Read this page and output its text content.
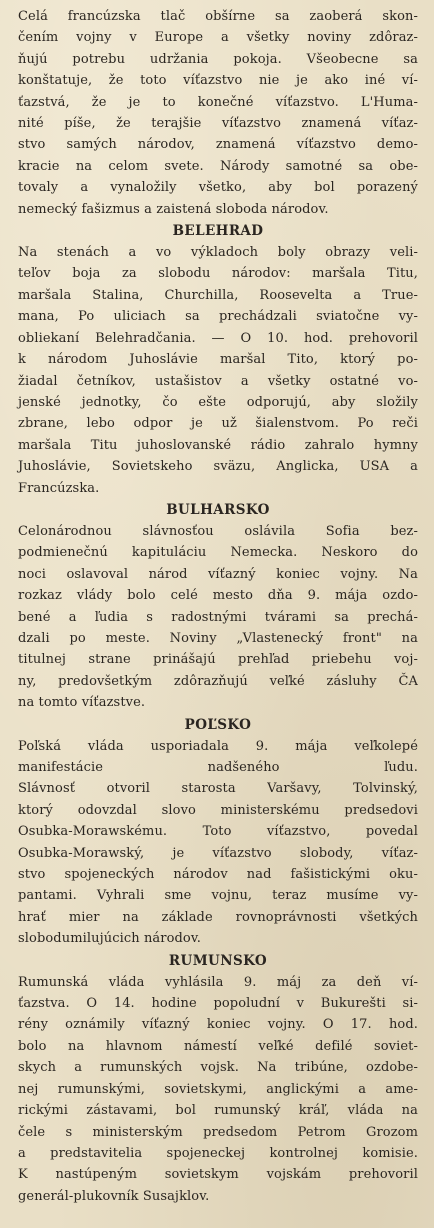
Celá francúzska tlač obšírne sa zaoberá skon-
čením vojny v Europe a všetky noviny zdôraz-
ňujú potrebu udržania pokoja. Všeobecne sa
konštatuje, že toto víťazstvo nie je ako iné ví-
ťazstvá, že je to konečné víťazstvo. L'Huma-
nité píše, že terajšie víťazstvo znamená víťaz-
stvo samých národov, znamená víťazstvo demo-
kracie na celom svete. Národy samotné sa obe-
tovaly a vynaložily všetko, aby bol porazený
nemecký fašizmus a zaistená sloboda národov.
BELEHRAD
Na stenách a vo výkladoch boly obrazy veli-
teľov boja za slobodu národov: maršala Titu,
maršala Stalina, Churchilla, Roosevelta a True-
mana, Po uliciach sa prechádzali sviatočne vy-
obliekaní Belehradčania. — O 10. hod. prehovoril
k národom Juhoslávie maršal Tito, ktorý po-
žiadal četníkov, ustašistov a všetky ostatné vo-
jenské jednotky, čo ešte odporujú, aby složily
zbrane, lebo odpor je už šialenstvom. Po reči
maršala Titu juhoslovanské rádio zahralo hymny
Juhoslávie, Sovietskeho sväzu, Anglicka, USA a
Francúzska.
BULHARSKO
Celonárodnou slávnosťou oslávila Sofia bez-
podmienečnú kapituláciu Nemecka. Neskoro do
noci oslavoval národ víťazný koniec vojny. Na
rozkaz vlády bolo celé mesto dňa 9. mája ozdo-
bené a ľudia s radostnými tvárami sa prechá-
dzali po meste. Noviny „Vlastenecký front" na
titulnej strane prinášajú prehľad priebehu voj-
ny, predovšetkým zdôrazňujú veľké zásluhy ČA
na tomto víťazstve.
POĽSKO
Poľská vláda usporiadala 9. mája veľkolepé
manifestácie nadšeného ľudu.
Slávnosť otvoril starosta Varšavy, Tolvinský,
ktorý odovzdal slovo ministerskému predsedovi
Osubka-Morawskému. Toto víťazstvo, povedal
Osubka-Morawský, je víťazstvo slobody, víťaz-
stvo spojeneckých národov nad fašistickými oku-
pantami. Vyhrali sme vojnu, teraz musíme vy-
hrať mier na základe rovnoprávnosti všetkých
slobodumilujúcich národov.
RUMUNSKO
Rumunská vláda vyhlásila 9. máj za deň ví-
ťazstva. O 14. hodine popoludní v Bukurešti si-
rény oznámily víťazný koniec vojny. O 17. hod.
bolo na hlavnom námestí veľké defilé soviet-
skych a rumunských vojsk. Na tribúne, ozdobe-
nej rumunskými, sovietskymi, anglickými a ame-
rickými zástavami, bol rumunský kráľ, vláda na
čele s ministerským predsedom Petrom Grozom
a predstavitelia spojeneckej kontrolnej komisie.
K nastúpeným sovietskym vojskám prehovoril
generál-plukovník Susajklov.
